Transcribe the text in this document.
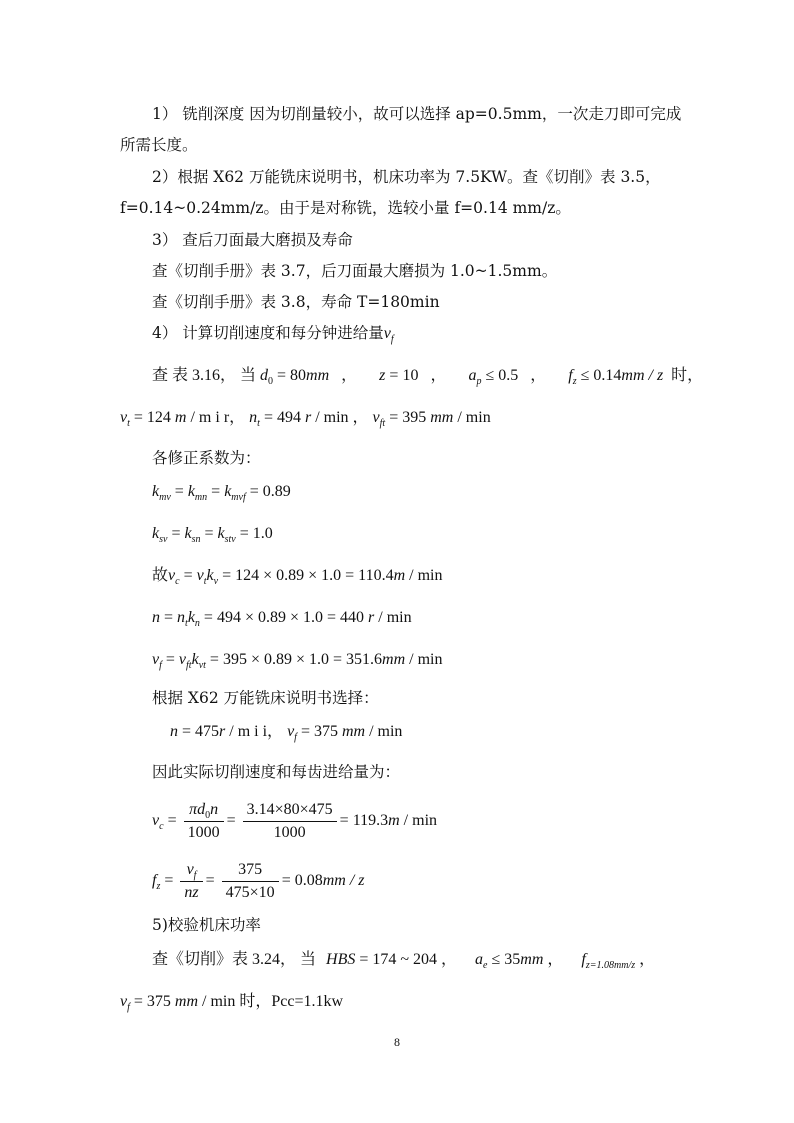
1） 铣削深度 因为切削量较小，故可以选择 ap=0.5mm，一次走刀即可完成
所需长度。
2）根据 X62 万能铣床说明书，机床功率为 7.5KW。查《切削》表 3.5，
f=0.14~0.24mm/z。由于是对称铣，选较小量 f=0.14 mm/z。
3） 查后刀面最大磨损及寿命
查《切削手册》表 3.7，后刀面最大磨损为 1.0~1.5mm。
查《切削手册》表 3.8，寿命 T=180min
4） 计算切削速度和每分钟进给量$v_f$
查 表 3.16， 当 $d_0 = 80mm$ ， z = 10 ， $a_p \le 0.5$ ， $f_z \le 0.14mm / z$ 时，
$v_t = 124$ m / m i r， $n_t = 494$ r / min ， $v_{ft} = 395$ mm / min
各修正系数为：
$k_{mv} = k_{mn} = k_{mvf} = 0.89$
$k_{sv} = k_{sn} = k_{stv} = 1.0$
故$v_c = v_tk_v = 124 \times 0.89 \times 1.0 = 110.4m / \min$
$n = n_tk_n = 494 \times 0.89 \times 1.0 = 440$ r / min
$v_f = v_{ft}k_{vt} = 395 \times 0.89 \times 1.0 = 351.6mm / \min$
根据 X62 万能铣床说明书选择：
n = 475r / m i i， $v_f = 375$ mm / min
因此实际切削速度和每齿进给量为：
$v_c = \frac{\pi d_0n}{1000} = \frac{3.14\times 80\times 475}{1000} = 119.3m / \min$
$f_z = \frac{v_f}{nz} = \frac{375}{475\times 10} = 0.08mm / z$
5)校验机床功率
查《切削》表 3.24， 当 HBS = 174 ~ 204 ， $a_e \le 35mm$ ， $f_{z=1.08mm/z}$ ，
$v_f = 375$ mm / min 时，Pcc=1.1kw
8
